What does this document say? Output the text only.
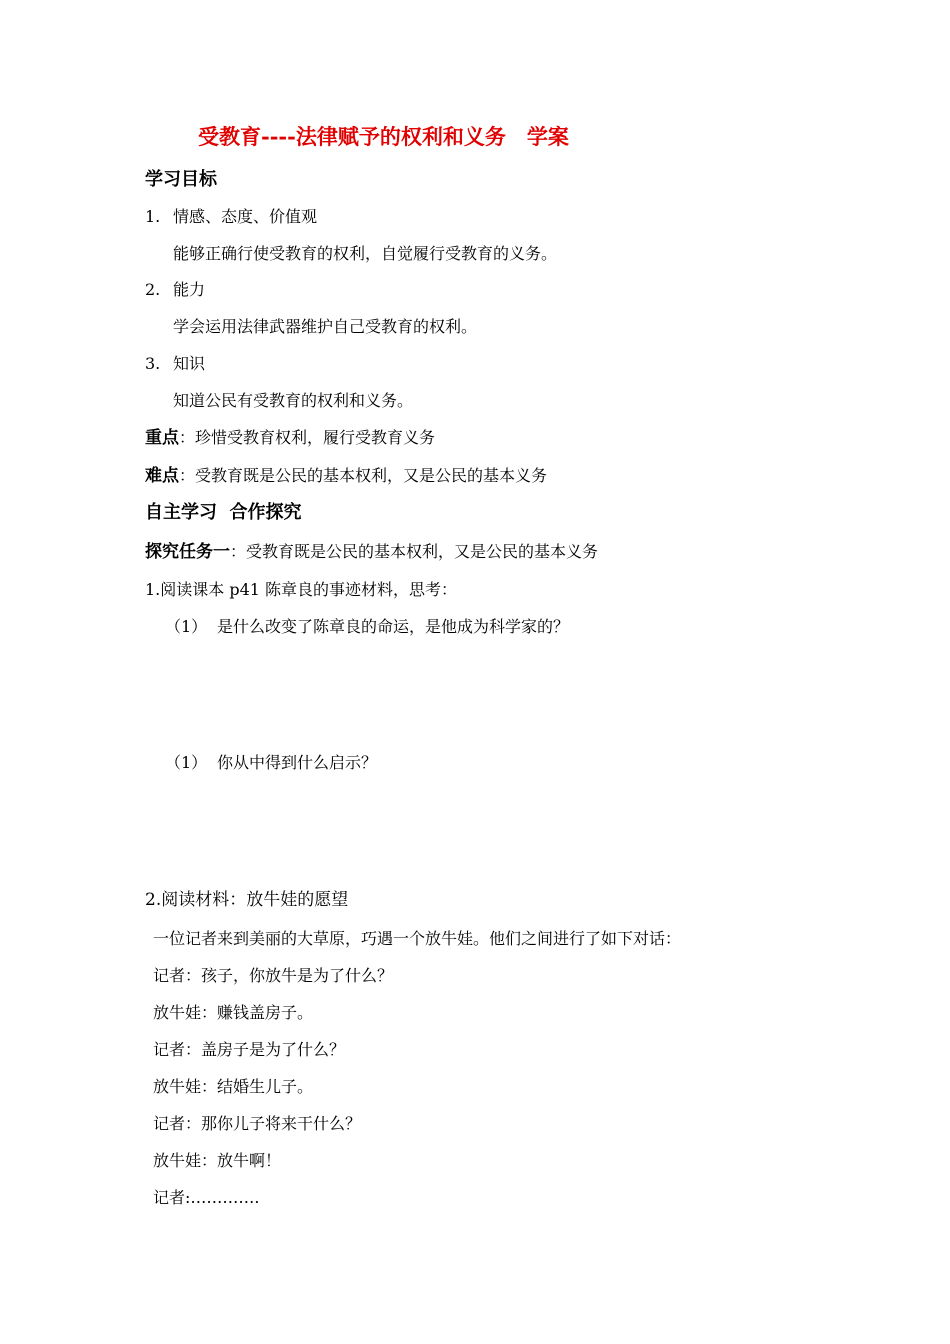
受教育----法律赋予的权利和义务　学案
学习目标
1. 情感、态度、价值观
能够正确行使受教育的权利，自觉履行受教育的义务。
2. 能力
学会运用法律武器维护自己受教育的权利。
3. 知识
知道公民有受教育的权利和义务。
重点：珍惜受教育权利，履行受教育义务
难点：受教育既是公民的基本权利，又是公民的基本义务
自主学习  合作探究
探究任务一：受教育既是公民的基本权利，又是公民的基本义务
1.阅读课本 p41 陈章良的事迹材料，思考：
（1） 是什么改变了陈章良的命运，是他成为科学家的？
（1） 你从中得到什么启示？
2.阅读材料：放牛娃的愿望
一位记者来到美丽的大草原，巧遇一个放牛娃。他们之间进行了如下对话：
记者：孩子，你放牛是为了什么？
放牛娃：赚钱盖房子。
记者：盖房子是为了什么？
放牛娃：结婚生儿子。
记者：那你儿子将来干什么？
放牛娃：放牛啊！
记者:………….
